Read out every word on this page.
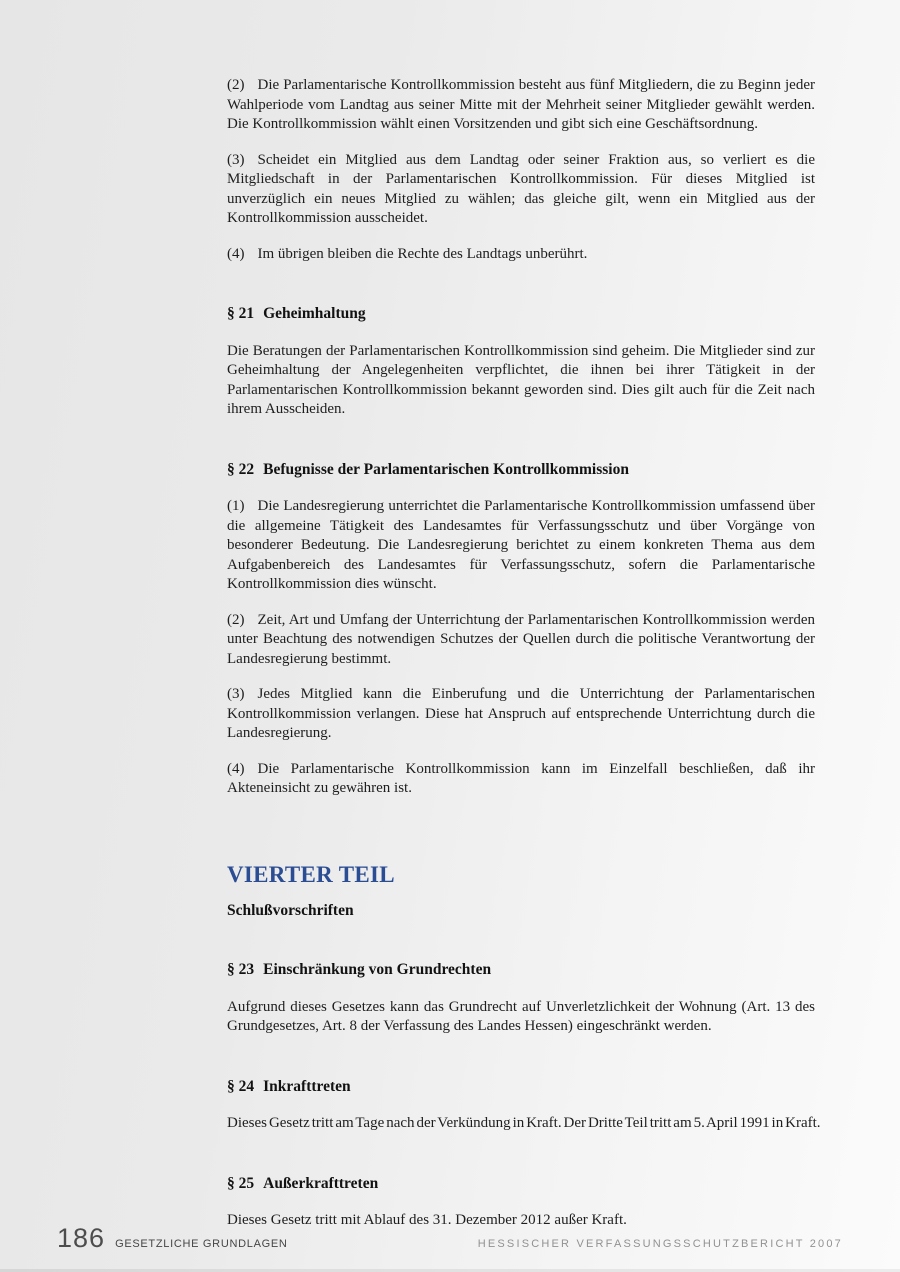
(2) Die Parlamentarische Kontrollkommission besteht aus fünf Mitgliedern, die zu Beginn jeder Wahlperiode vom Landtag aus seiner Mitte mit der Mehrheit seiner Mitglieder gewählt werden. Die Kontrollkommission wählt einen Vorsitzenden und gibt sich eine Geschäftsordnung.

(3) Scheidet ein Mitglied aus dem Landtag oder seiner Fraktion aus, so verliert es die Mitgliedschaft in der Parlamentarischen Kontrollkommission. Für dieses Mitglied ist unverzüglich ein neues Mitglied zu wählen; das gleiche gilt, wenn ein Mitglied aus der Kontrollkommission ausscheidet.

(4) Im übrigen bleiben die Rechte des Landtags unberührt.

§ 21 Geheimhaltung

Die Beratungen der Parlamentarischen Kontrollkommission sind geheim. Die Mitglieder sind zur Geheimhaltung der Angelegenheiten verpflichtet, die ihnen bei ihrer Tätigkeit in der Parlamentarischen Kontrollkommission bekannt geworden sind. Dies gilt auch für die Zeit nach ihrem Ausscheiden.

§ 22 Befugnisse der Parlamentarischen Kontrollkommission

(1) Die Landesregierung unterrichtet die Parlamentarische Kontrollkommission umfassend über die allgemeine Tätigkeit des Landesamtes für Verfassungsschutz und über Vorgänge von besonderer Bedeutung. Die Landesregierung berichtet zu einem konkreten Thema aus dem Aufgabenbereich des Landesamtes für Verfassungsschutz, sofern die Parlamentarische Kontrollkommission dies wünscht.

(2) Zeit, Art und Umfang der Unterrichtung der Parlamentarischen Kontrollkommission werden unter Beachtung des notwendigen Schutzes der Quellen durch die politische Verantwortung der Landesregierung bestimmt.

(3) Jedes Mitglied kann die Einberufung und die Unterrichtung der Parlamentarischen Kontrollkommission verlangen. Diese hat Anspruch auf entsprechende Unterrichtung durch die Landesregierung.

(4) Die Parlamentarische Kontrollkommission kann im Einzelfall beschließen, daß ihr Akteneinsicht zu gewähren ist.

VIERTER TEIL
Schlußvorschriften
§ 23 Einschränkung von Grundrechten

Aufgrund dieses Gesetzes kann das Grundrecht auf Unverletzlichkeit der Wohnung (Art. 13 des Grundgesetzes, Art. 8 der Verfassung des Landes Hessen) eingeschränkt werden.

§ 24 Inkrafttreten

Dieses Gesetz tritt am Tage nach der Verkündung in Kraft. Der Dritte Teil tritt am 5. April 1991 in Kraft.

§ 25 Außerkrafttreten

Dieses Gesetz tritt mit Ablauf des 31. Dezember 2012 außer Kraft.

186 GESETZLICHE GRUNDLAGEN	HESSISCHER VERFASSUNGSSCHUTZBERICHT 2007
